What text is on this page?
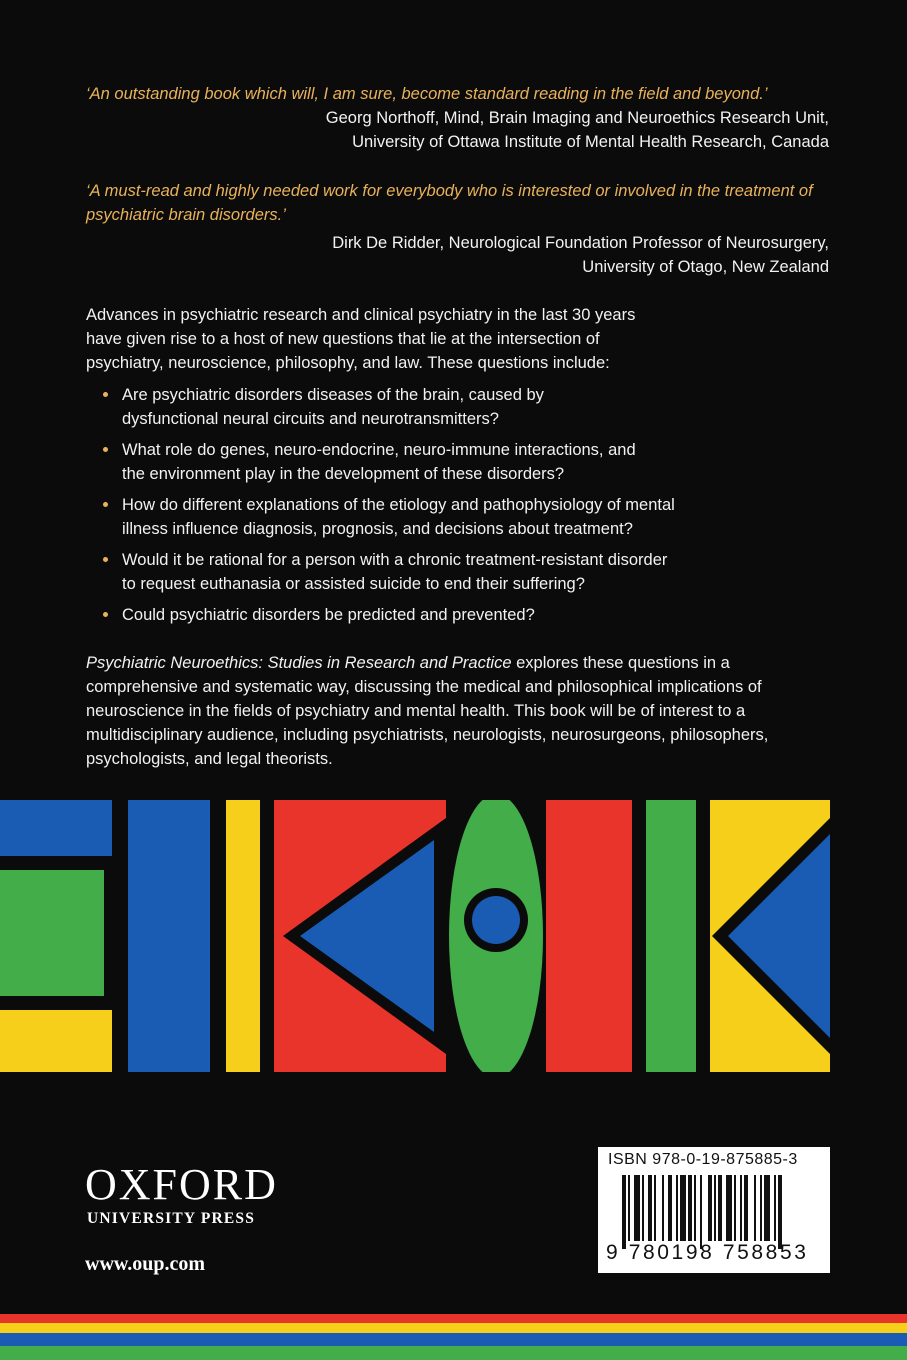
‘An outstanding book which will, I am sure, become standard reading in the field and beyond.’
Georg Northoff, Mind, Brain Imaging and Neuroethics Research Unit,
University of Ottawa Institute of Mental Health Research, Canada
‘A must-read and highly needed work for everybody who is interested or involved in the treatment of
psychiatric brain disorders.’
Dirk De Ridder, Neurological Foundation Professor of Neurosurgery,
University of Otago, New Zealand
Advances in psychiatric research and clinical psychiatry in the last 30 years
have given rise to a host of new questions that lie at the intersection of
psychiatry, neuroscience, philosophy, and law. These questions include:
Are psychiatric disorders diseases of the brain, caused by
dysfunctional neural circuits and neurotransmitters?
What role do genes, neuro-endocrine, neuro-immune interactions, and
the environment play in the development of these disorders?
How do different explanations of the etiology and pathophysiology of mental
illness influence diagnosis, prognosis, and decisions about treatment?
Would it be rational for a person with a chronic treatment-resistant disorder
to request euthanasia or assisted suicide to end their suffering?
Could psychiatric disorders be predicted and prevented?
Psychiatric Neuroethics: Studies in Research and Practice explores these questions in a
comprehensive and systematic way, discussing the medical and philosophical implications of
neuroscience in the fields of psychiatry and mental health. This book will be of interest to a
multidisciplinary audience, including psychiatrists, neurologists, neurosurgeons, philosophers,
psychologists, and legal theorists.
OXFORD
UNIVERSITY PRESS
www.oup.com
ISBN 978-0-19-875885-3
9 780198 758853
